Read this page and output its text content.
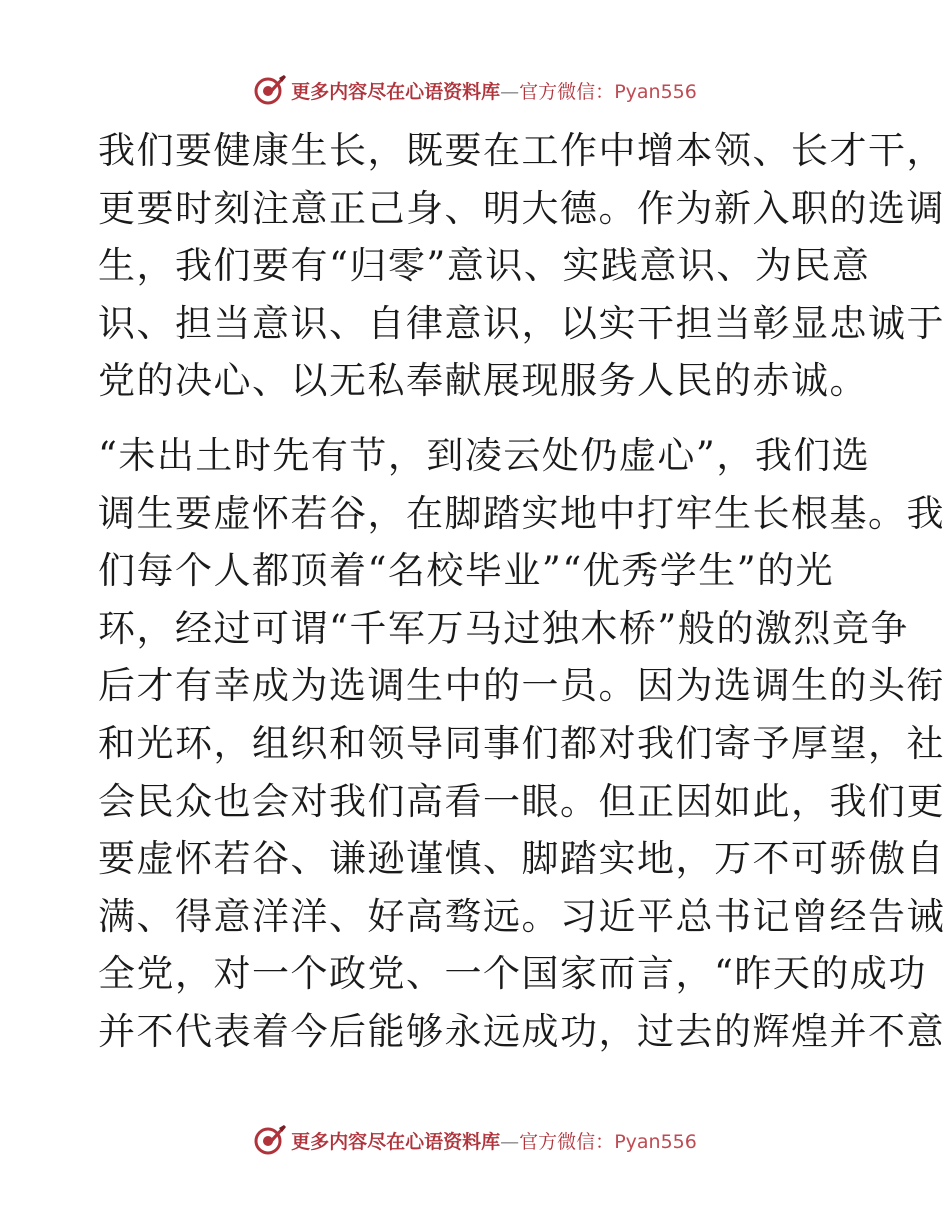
更多内容尽在心语资料库—官方微信：Pyan556
我们要健康生长，既要在工作中增本领、长才干，
更要时刻注意正己身、明大德。作为新入职的选调
生，我们要有“归零”意识、实践意识、为民意
识、担当意识、自律意识，以实干担当彰显忠诚于
党的决心、以无私奉献展现服务人民的赤诚。
“未出土时先有节，到凌云处仍虚心”，我们选
调生要虚怀若谷，在脚踏实地中打牢生长根基。我
们每个人都顶着“名校毕业”“优秀学生”的光
环，经过可谓“千军万马过独木桥”般的激烈竞争
后才有幸成为选调生中的一员。因为选调生的头衔
和光环，组织和领导同事们都对我们寄予厚望，社
会民众也会对我们高看一眼。但正因如此，我们更
要虚怀若谷、谦逊谨慎、脚踏实地，万不可骄傲自
满、得意洋洋、好高骛远。习近平总书记曾经告诫
全党，对一个政党、一个国家而言，“昨天的成功
并不代表着今后能够永远成功，过去的辉煌并不意
更多内容尽在心语资料库—官方微信：Pyan556
